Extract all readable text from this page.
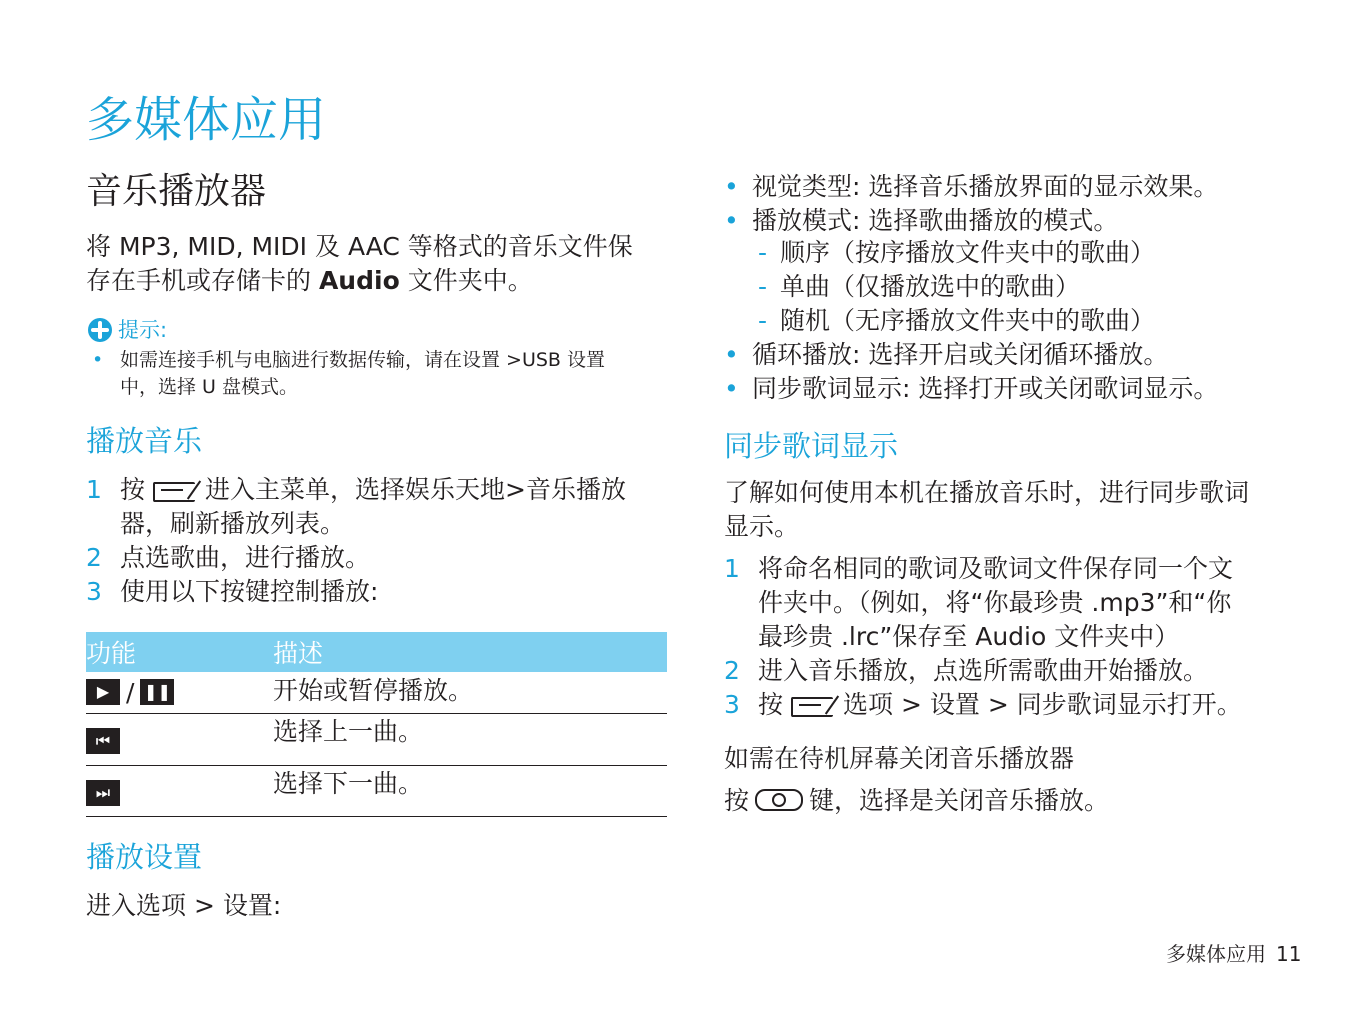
多媒体应用
音乐播放器
将 MP3, MID, MIDI 及 AAC 等格式的音乐文件保
存在手机或存储卡的 Audio 文件夹中。
提示:
• 如需连接手机与电脑进行数据传输，请在设置 >USB 设置
中，选择 U 盘模式。
播放音乐
1 按 进入主菜单，选择娱乐天地>音乐播放
器，刷新播放列表。
2 点选歌曲，进行播放。
3 使用以下按键控制播放:
功能	描述
▶ / ❚❚	开始或暂停播放。
⏮	选择上一曲。
⏭	选择下一曲。
播放设置
进入选项 > 设置:
• 视觉类型: 选择音乐播放界面的显示效果。
• 播放模式: 选择歌曲播放的模式。
- 顺序（按序播放文件夹中的歌曲）
- 单曲（仅播放选中的歌曲）
- 随机（无序播放文件夹中的歌曲）
• 循环播放: 选择开启或关闭循环播放。
• 同步歌词显示: 选择打开或关闭歌词显示。
同步歌词显示
了解如何使用本机在播放音乐时，进行同步歌词
显示。
1 将命名相同的歌词及歌词文件保存同一个文
件夹中。（例如，将“你最珍贵 .mp3”和“你
最珍贵 .lrc”保存至 Audio 文件夹中）
2 进入音乐播放，点选所需歌曲开始播放。
3 按 选项 > 设置 > 同步歌词显示打开。
如需在待机屏幕关闭音乐播放器
按 键，选择是关闭音乐播放。
多媒体应用 11
